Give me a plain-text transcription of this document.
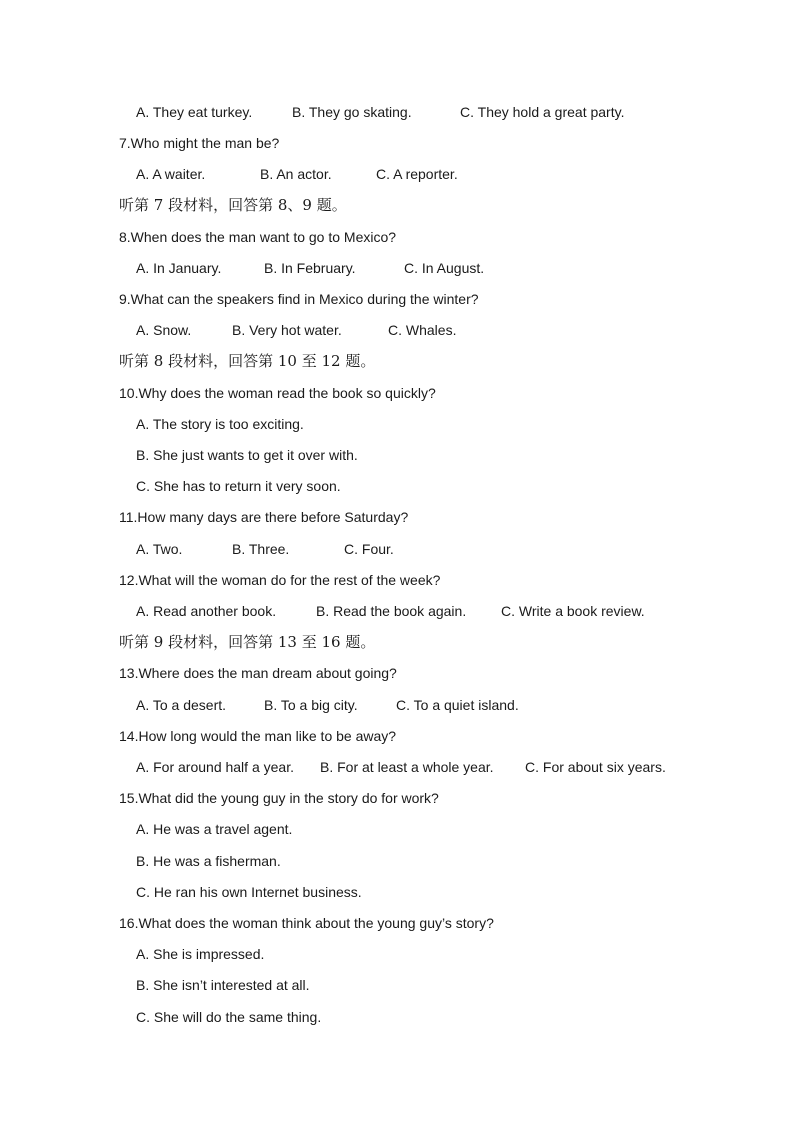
A. They eat turkey.	B. They go skating.	C. They hold a great party.
7.Who might the man be?
A. A waiter.	B. An actor.	C. A reporter.
听第 7 段材料，回答第 8、9 题。
8.When does the man want to go to Mexico?
A. In January.	B. In February.	C. In August.
9.What can the speakers find in Mexico during the winter?
A. Snow.	B. Very hot water.	C. Whales.
听第 8 段材料，回答第 10 至 12 题。
10.Why does the woman read the book so quickly?
A. The story is too exciting.
B. She just wants to get it over with.
C. She has to return it very soon.
11.How many days are there before Saturday?
A. Two.	B. Three.	C. Four.
12.What will the woman do for the rest of the week?
A. Read another book.	B. Read the book again. C. Write a book review.
听第 9 段材料，回答第 13 至 16 题。
13.Where does the man dream about going?
A. To a desert.	B. To a big city.	C. To a quiet island.
14.How long would the man like to be away?
A. For around half a year. B. For at least a whole year. C. For about six years.
15.What did the young guy in the story do for work?
A. He was a travel agent.
B. He was a fisherman.
C. He ran his own Internet business.
16.What does the woman think about the young guy’s story?
A. She is impressed.
B. She isn’t interested at all.
C. She will do the same thing.
